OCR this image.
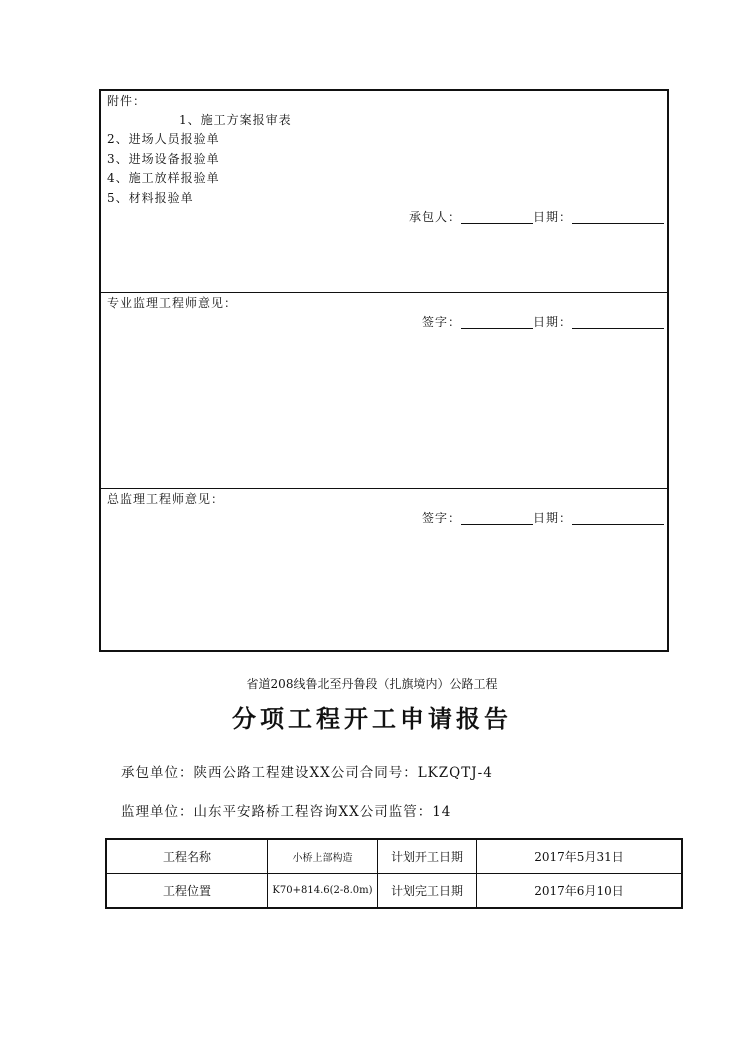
附件：
1、施工方案报审表
2、进场人员报验单
3、进场设备报验单
4、施工放样报验单
5、材料报验单
承包人：	日期：
专业监理工程师意见：
签字：	日期：
总监理工程师意见：
签字：	日期：
省道208线鲁北至丹鲁段（扎旗境内）公路工程
分项工程开工申请报告
承包单位：陕西公路工程建设XX公司合同号：LKZQTJ-4
监理单位：山东平安路桥工程咨询XX公司监管：14
工程名称	小桥上部构造	计划开工日期	2017年5月31日
工程位置	K70+814.6(2-8.0m)	计划完工日期	2017年6月10日
